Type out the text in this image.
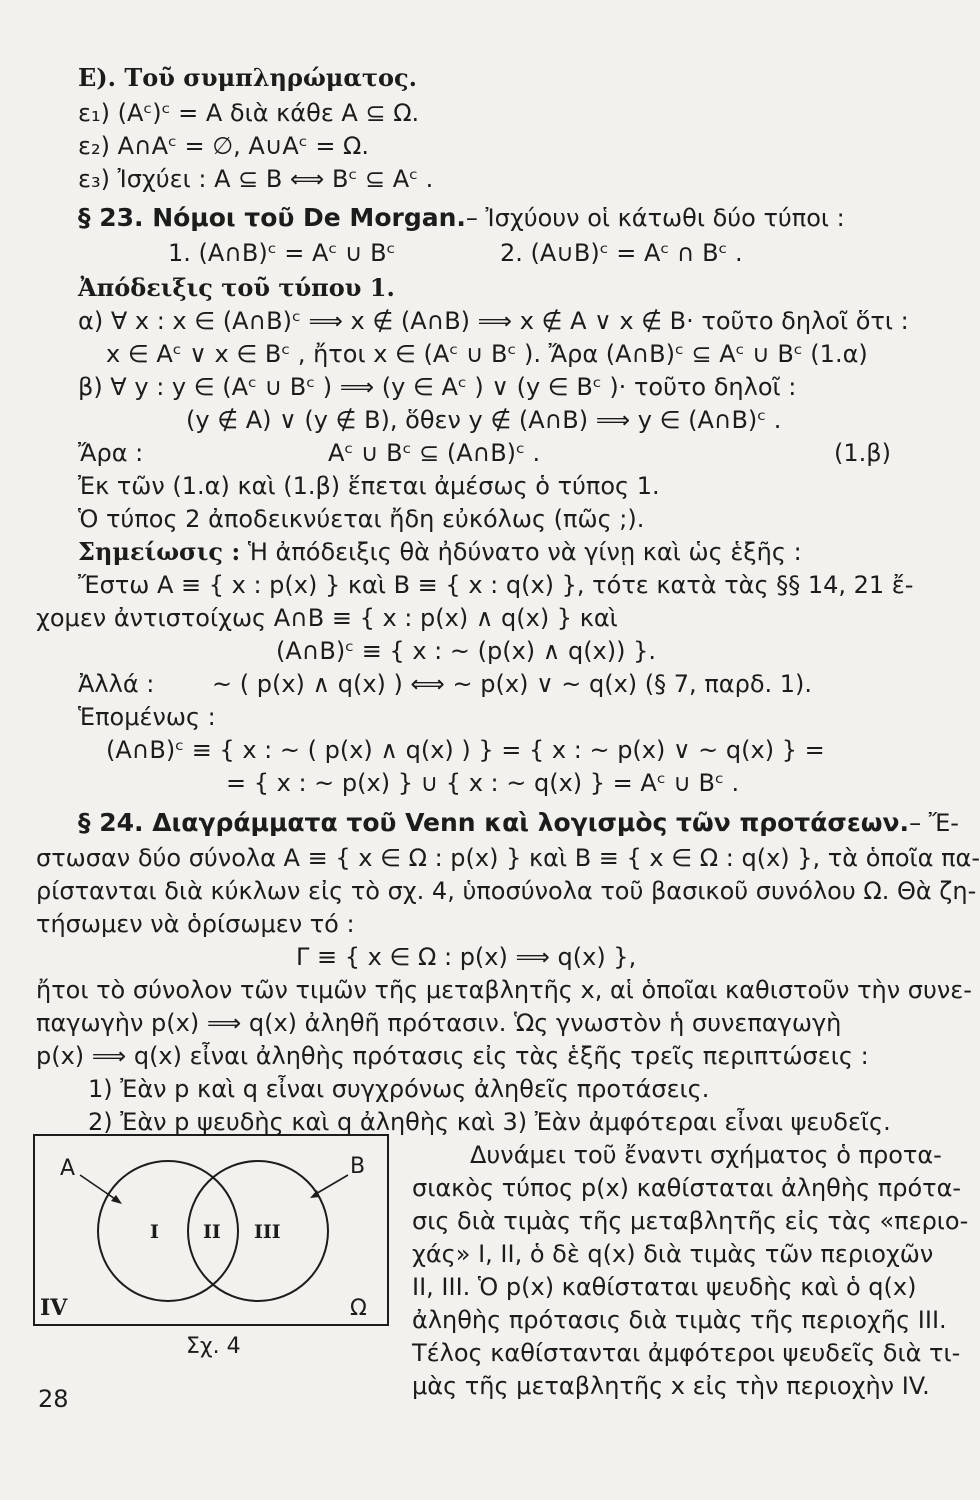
E). Τοῦ συμπληρώματος.
ε₁) (Aᶜ)ᶜ = A διὰ κάθε A ⊆ Ω.
ε₂) A∩Aᶜ = ∅, A∪Aᶜ = Ω.
ε₃) Ἰσχύει : A ⊆ B ⟺ Bᶜ ⊆ Aᶜ .
§ 23. Νόμοι τοῦ De Morgan.– Ἰσχύουν οἱ κάτωθι δύο τύποι :
1. (A∩B)ᶜ = Aᶜ ∪ Bᶜ	2. (A∪B)ᶜ = Aᶜ ∩ Bᶜ .
Ἀπόδειξις τοῦ τύπου 1.
α) ∀ x : x ∈ (A∩B)ᶜ ⟹ x ∉ (A∩B) ⟹ x ∉ A ∨ x ∉ B· τοῦτο δηλοῖ ὅτι :
x ∈ Aᶜ ∨ x ∈ Bᶜ , ἤτοι x ∈ (Aᶜ ∪ Bᶜ ). Ἄρα (A∩B)ᶜ ⊆ Aᶜ ∪ Bᶜ (1.α)
β) ∀ y : y ∈ (Aᶜ ∪ Bᶜ ) ⟹ (y ∈ Aᶜ ) ∨ (y ∈ Bᶜ )· τοῦτο δηλοῖ :
(y ∉ A) ∨ (y ∉ B), ὅθεν y ∉ (A∩B) ⟹ y ∈ (A∩B)ᶜ .
Ἄρα :	Aᶜ ∪ Bᶜ ⊆ (A∩B)ᶜ .	(1.β)
Ἐκ τῶν (1.α) καὶ (1.β) ἕπεται ἀμέσως ὁ τύπος 1.
Ὁ τύπος 2 ἀποδεικνύεται ἤδη εὐκόλως (πῶς ;).
Σημείωσις : Ἡ ἀπόδειξις θὰ ἠδύνατο νὰ γίνῃ καὶ ὡς ἑξῆς :
Ἔστω A ≡ { x : p(x) } καὶ B ≡ { x : q(x) }, τότε κατὰ τὰς §§ 14, 21 ἔ-
χομεν ἀντιστοίχως A∩B ≡ { x : p(x) ∧ q(x) } καὶ
(A∩B)ᶜ ≡ { x : ~ (p(x) ∧ q(x)) }.
Ἀλλά : ~ ( p(x) ∧ q(x) ) ⟺ ~ p(x) ∨ ~ q(x) (§ 7, παρδ. 1).
Ἑπομένως :
(A∩B)ᶜ ≡ { x : ~ ( p(x) ∧ q(x) ) } = { x : ~ p(x) ∨ ~ q(x) } =
= { x : ~ p(x) } ∪ { x : ~ q(x) } = Aᶜ ∪ Bᶜ .
§ 24. Διαγράμματα τοῦ Venn καὶ λογισμὸς τῶν προτάσεων.– Ἔ-
στωσαν δύο σύνολα A ≡ { x ∈ Ω : p(x) } καὶ B ≡ { x ∈ Ω : q(x) }, τὰ ὁποῖα πα-
ρίστανται διὰ κύκλων εἰς τὸ σχ. 4, ὑποσύνολα τοῦ βασικοῦ συνόλου Ω. Θὰ ζη-
τήσωμεν νὰ ὁρίσωμεν τό :
Γ ≡ { x ∈ Ω : p(x) ⟹ q(x) },
ἤτοι τὸ σύνολον τῶν τιμῶν τῆς μεταβλητῆς x, αἱ ὁποῖαι καθιστοῦν τὴν συνε-
παγωγὴν p(x) ⟹ q(x) ἀληθῆ πρότασιν. Ὡς γνωστὸν ἡ συνεπαγωγὴ
p(x) ⟹ q(x) εἶναι ἀληθὴς πρότασις εἰς τὰς ἑξῆς τρεῖς περιπτώσεις :
1) Ἐὰν p καὶ q εἶναι συγχρόνως ἀληθεῖς προτάσεις.
2) Ἐὰν p ψευδὴς καὶ q ἀληθὴς καὶ 3) Ἐὰν ἀμφότεραι εἶναι ψευδεῖς.
Δυνάμει τοῦ ἔναντι σχήματος ὁ προτα-
σιακὸς τύπος p(x) καθίσταται ἀληθὴς πρότα-
σις διὰ τιμὰς τῆς μεταβλητῆς εἰς τὰς «περιο-
χάς» I, II, ὁ δὲ q(x) διὰ τιμὰς τῶν περιοχῶν
II, III. Ὁ p(x) καθίσταται ψευδὴς καὶ ὁ q(x)
ἀληθὴς πρότασις διὰ τιμὰς τῆς περιοχῆς III.
Τέλος καθίστανται ἀμφότεροι ψευδεῖς διὰ τι-
μὰς τῆς μεταβλητῆς x εἰς τὴν περιοχὴν IV.
A	B
I II III
IV	Ω
Σχ. 4
28
